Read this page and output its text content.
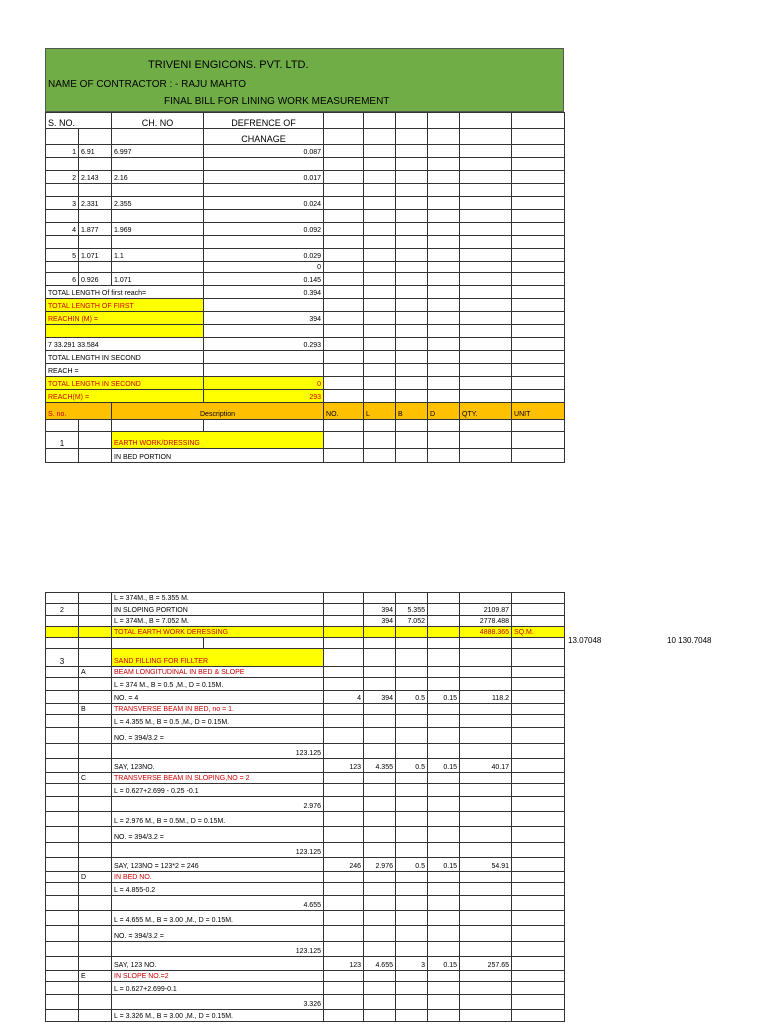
TRIVENI ENGICONS. PVT. LTD.
NAME OF CONTRACTOR : - RAJU MAHTO
FINAL BILL FOR LINING WORK MEASUREMENT
S. NO.		CH. NO	DEFRENCE OF						
			CHANAGE						
1	6.91	6.997	0.087						

2	2.143	2.16	0.017						

3	2.331	2.355	0.024						

4	1.877	1.969	0.092						

5	1.071	1.1	0.029						
			0						
6	0.926	1.071	0.145						
TOTAL LENGTH Of first reach=			0.394						
TOTAL LENGTH OF FIRST									
REACHIN (M) =			394						

7 33.291 33.584			0.293						
TOTAL LENGTH IN SECOND									
REACH =									
TOTAL LENGTH IN SECOND			0						
REACH(M) =			293						
S. no.		Description		NO.	L	B	D	QTY.	UNIT

1		EARTH WORK/DRESSING							
		IN BED PORTION							
		L = 374M., B = 5.355 M.							
2		IN SLOPING PORTION			394	5.355		2109.87	
		L = 374M., B = 7.052 M.			394	7.052		2778.488	
		TOTAL EARTH WORK DERESSING						4888.365	SQ.M.

3		SAND FILLING FOR FILLTER							
	A	BEAM LONGITUDINAL IN BED & SLOPE							
		L = 374 M., B = 0.5 ,M., D = 0.15M.							
		NO. = 4		4	394	0.5	0.15	118.2	
	B	TRANSVERSE BEAM IN BED, no = 1.							
		L = 4.355 M., B = 0.5 ,M., D = 0.15M.							
		NO. = 394/3.2 =							
		123.125							
		SAY, 123NO.		123	4.355	0.5	0.15	40.17	
	C	TRANSVERSE BEAM IN SLOPING,NO = 2							
		L = 0.627+2.699 - 0.25 -0.1							
		2.976							
		L = 2.976 M., B = 0.5M., D = 0.15M.							
		NO. = 394/3.2 =							
		123.125							
		SAY, 123NO = 123*2 = 246		246	2.976	0.5	0.15	54.91	
	D	IN BED NO.							
		L = 4.855-0.2							
		4.655							
		L = 4.655 M., B = 3.00 ,M., D = 0.15M.							
		NO. = 394/3.2 =							
		123.125							
		SAY, 123 NO.		123	4.655	3	0.15	257.65	
	E	IN SLOPE NO.=2							
		L = 0.627+2.699-0.1							
		3.326							
		L = 3.326 M., B = 3.00 ,M., D = 0.15M.							
13.07048	10 130.7048
